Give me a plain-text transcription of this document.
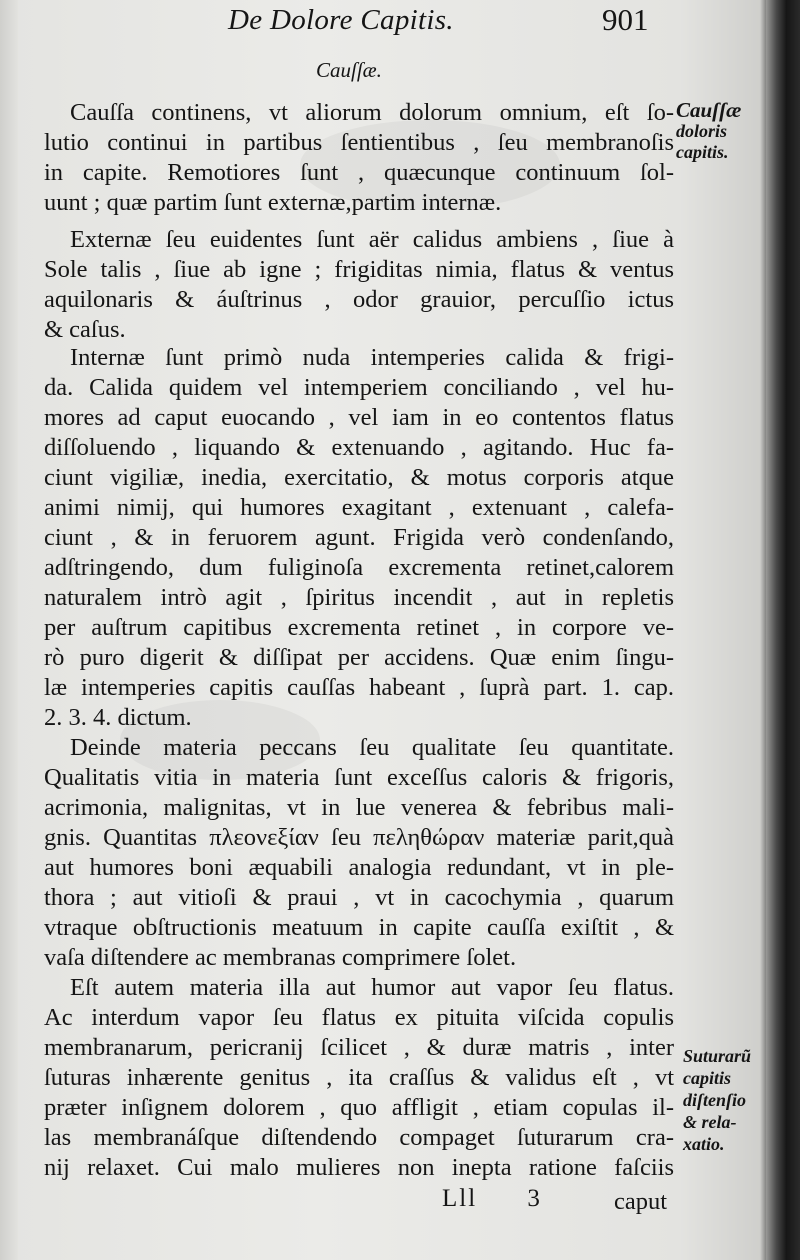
De Dolore Capitis.	901
Cauſſæ.
Cauſſa continens, vt aliorum dolorum omnium, eſt ſo-
lutio continui in partibus ſentientibus , ſeu membranoſis
in capite. Remotiores ſunt , quæcunque continuum ſol-
uunt ; quæ partim ſunt externæ,partim internæ.
Externæ ſeu euidentes ſunt aër calidus ambiens , ſiue à
Sole talis , ſiue ab igne ; frigiditas nimia, flatus & ventus
aquilonaris & áuſtrinus , odor grauior, percuſſio ictus
& caſus.
Internæ ſunt primò nuda intemperies calida & frigi-
da. Calida quidem vel intemperiem conciliando , vel hu-
mores ad caput euocando , vel iam in eo contentos flatus
diſſoluendo , liquando & extenuando , agitando. Huc fa-
ciunt vigiliæ, inedia, exercitatio, & motus corporis atque
animi nimij, qui humores exagitant , extenuant , calefa-
ciunt , & in feruorem agunt. Frigida verò condenſando,
adſtringendo, dum fuliginoſa excrementa retinet,calorem
naturalem intrò agit , ſpiritus incendit , aut in repletis
per auſtrum capitibus excrementa retinet , in corpore ve-
rò puro digerit & diſſipat per accidens. Quæ enim ſingu-
læ intemperies capitis cauſſas habeant , ſuprà part. 1. cap.
2. 3. 4. dictum.
Deinde materia peccans ſeu qualitate ſeu quantitate.
Qualitatis vitia in materia ſunt exceſſus caloris & frigoris,
acrimonia, malignitas, vt in lue venerea & febribus mali-
gnis. Quantitas πλεονεξίαν ſeu πεληθώραν materiæ parit,quà
aut humores boni æquabili analogia redundant, vt in ple-
thora ; aut vitioſi & praui , vt in cacochymia , quarum
vtraque obſtructionis meatuum in capite cauſſa exiſtit , &
vaſa diſtendere ac membranas comprimere ſolet.
Eſt autem materia illa aut humor aut vapor ſeu flatus.
Ac interdum vapor ſeu flatus ex pituita viſcida copulis
membranarum, pericranij ſcilicet , & duræ matris , inter
ſuturas inhærente genitus , ita craſſus & validus eſt , vt
præter inſignem dolorem , quo affligit , etiam copulas il-
las membranáſque diſtendendo compaget ſuturarum cra-
nij relaxet. Cui malo mulieres non inepta ratione faſciis
Cauſſæ
doloris
capitis.
Suturarũ
capitis
diſtenſio
& rela-
xatio.
Lll 3	caput
